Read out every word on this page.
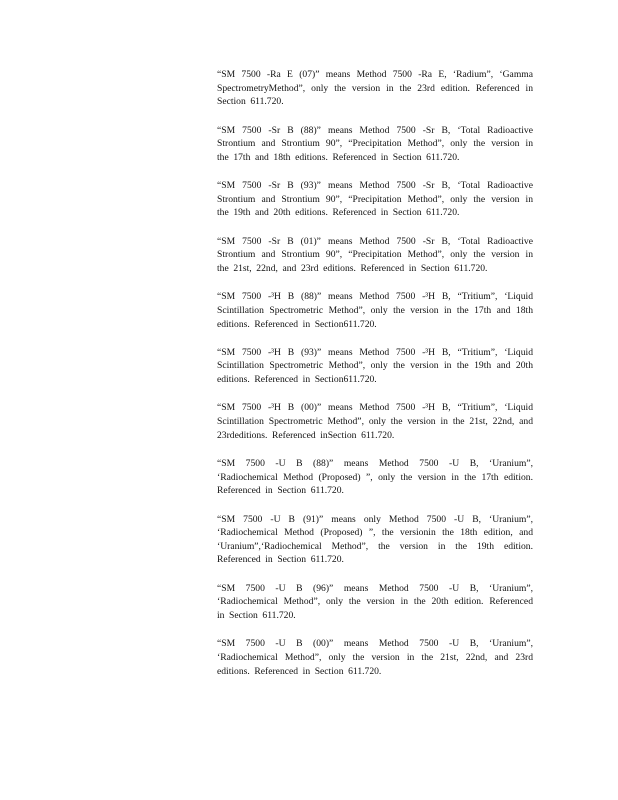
“SM 7500 -Ra E (07)” means Method 7500 -Ra E, ‘Radium”, ‘Gamma SpectrometryMethod”, only the version in the 23rd edition. Referenced in Section 611.720.

“SM 7500 -Sr B (88)” means Method 7500 -Sr B, ‘Total Radioactive Strontium and Strontium 90”, “Precipitation Method”, only the version in the 17th and 18th editions. Referenced in Section 611.720.

“SM 7500 -Sr B (93)” means Method 7500 -Sr B, ‘Total Radioactive Strontium and Strontium 90”, “Precipitation Method”, only the version in the 19th and 20th editions. Referenced in Section 611.720.

“SM 7500 -Sr B (01)” means Method 7500 -Sr B, ‘Total Radioactive Strontium and Strontium 90”, “Precipitation Method”, only the version in the 21st, 22nd, and 23rd editions. Referenced in Section 611.720.

“SM 7500 -³H B (88)” means Method 7500 -³H B, “Tritium”, ‘Liquid Scintillation Spectrometric Method”, only the version in the 17th and 18th editions. Referenced in Section611.720.

“SM 7500 -³H B (93)” means Method 7500 -³H B, “Tritium”, ‘Liquid Scintillation Spectrometric Method”, only the version in the 19th and 20th editions. Referenced in Section611.720.

“SM 7500 -³H B (00)” means Method 7500 -³H B, “Tritium”, ‘Liquid Scintillation Spectrometric Method”, only the version in the 21st, 22nd, and 23rdeditions. Referenced inSection 611.720.

“SM 7500 -U B (88)” means Method 7500 -U B, ‘Uranium”, ‘Radiochemical Method (Proposed) ”, only the version in the 17th edition. Referenced in Section 611.720.

“SM 7500 -U B (91)” means only Method 7500 -U B, ‘Uranium”, ‘Radiochemical Method (Proposed) ”, the versionin the 18th edition, and ‘Uranium”,‘Radiochemical Method”, the version in the 19th edition. Referenced in Section 611.720.

“SM 7500 -U B (96)” means Method 7500 -U B, ‘Uranium”, ‘Radiochemical Method”, only the version in the 20th edition. Referenced in Section 611.720.

“SM 7500 -U B (00)” means Method 7500 -U B, ‘Uranium”, ‘Radiochemical Method”, only the version in the 21st, 22nd, and 23rd editions. Referenced in Section 611.720.
